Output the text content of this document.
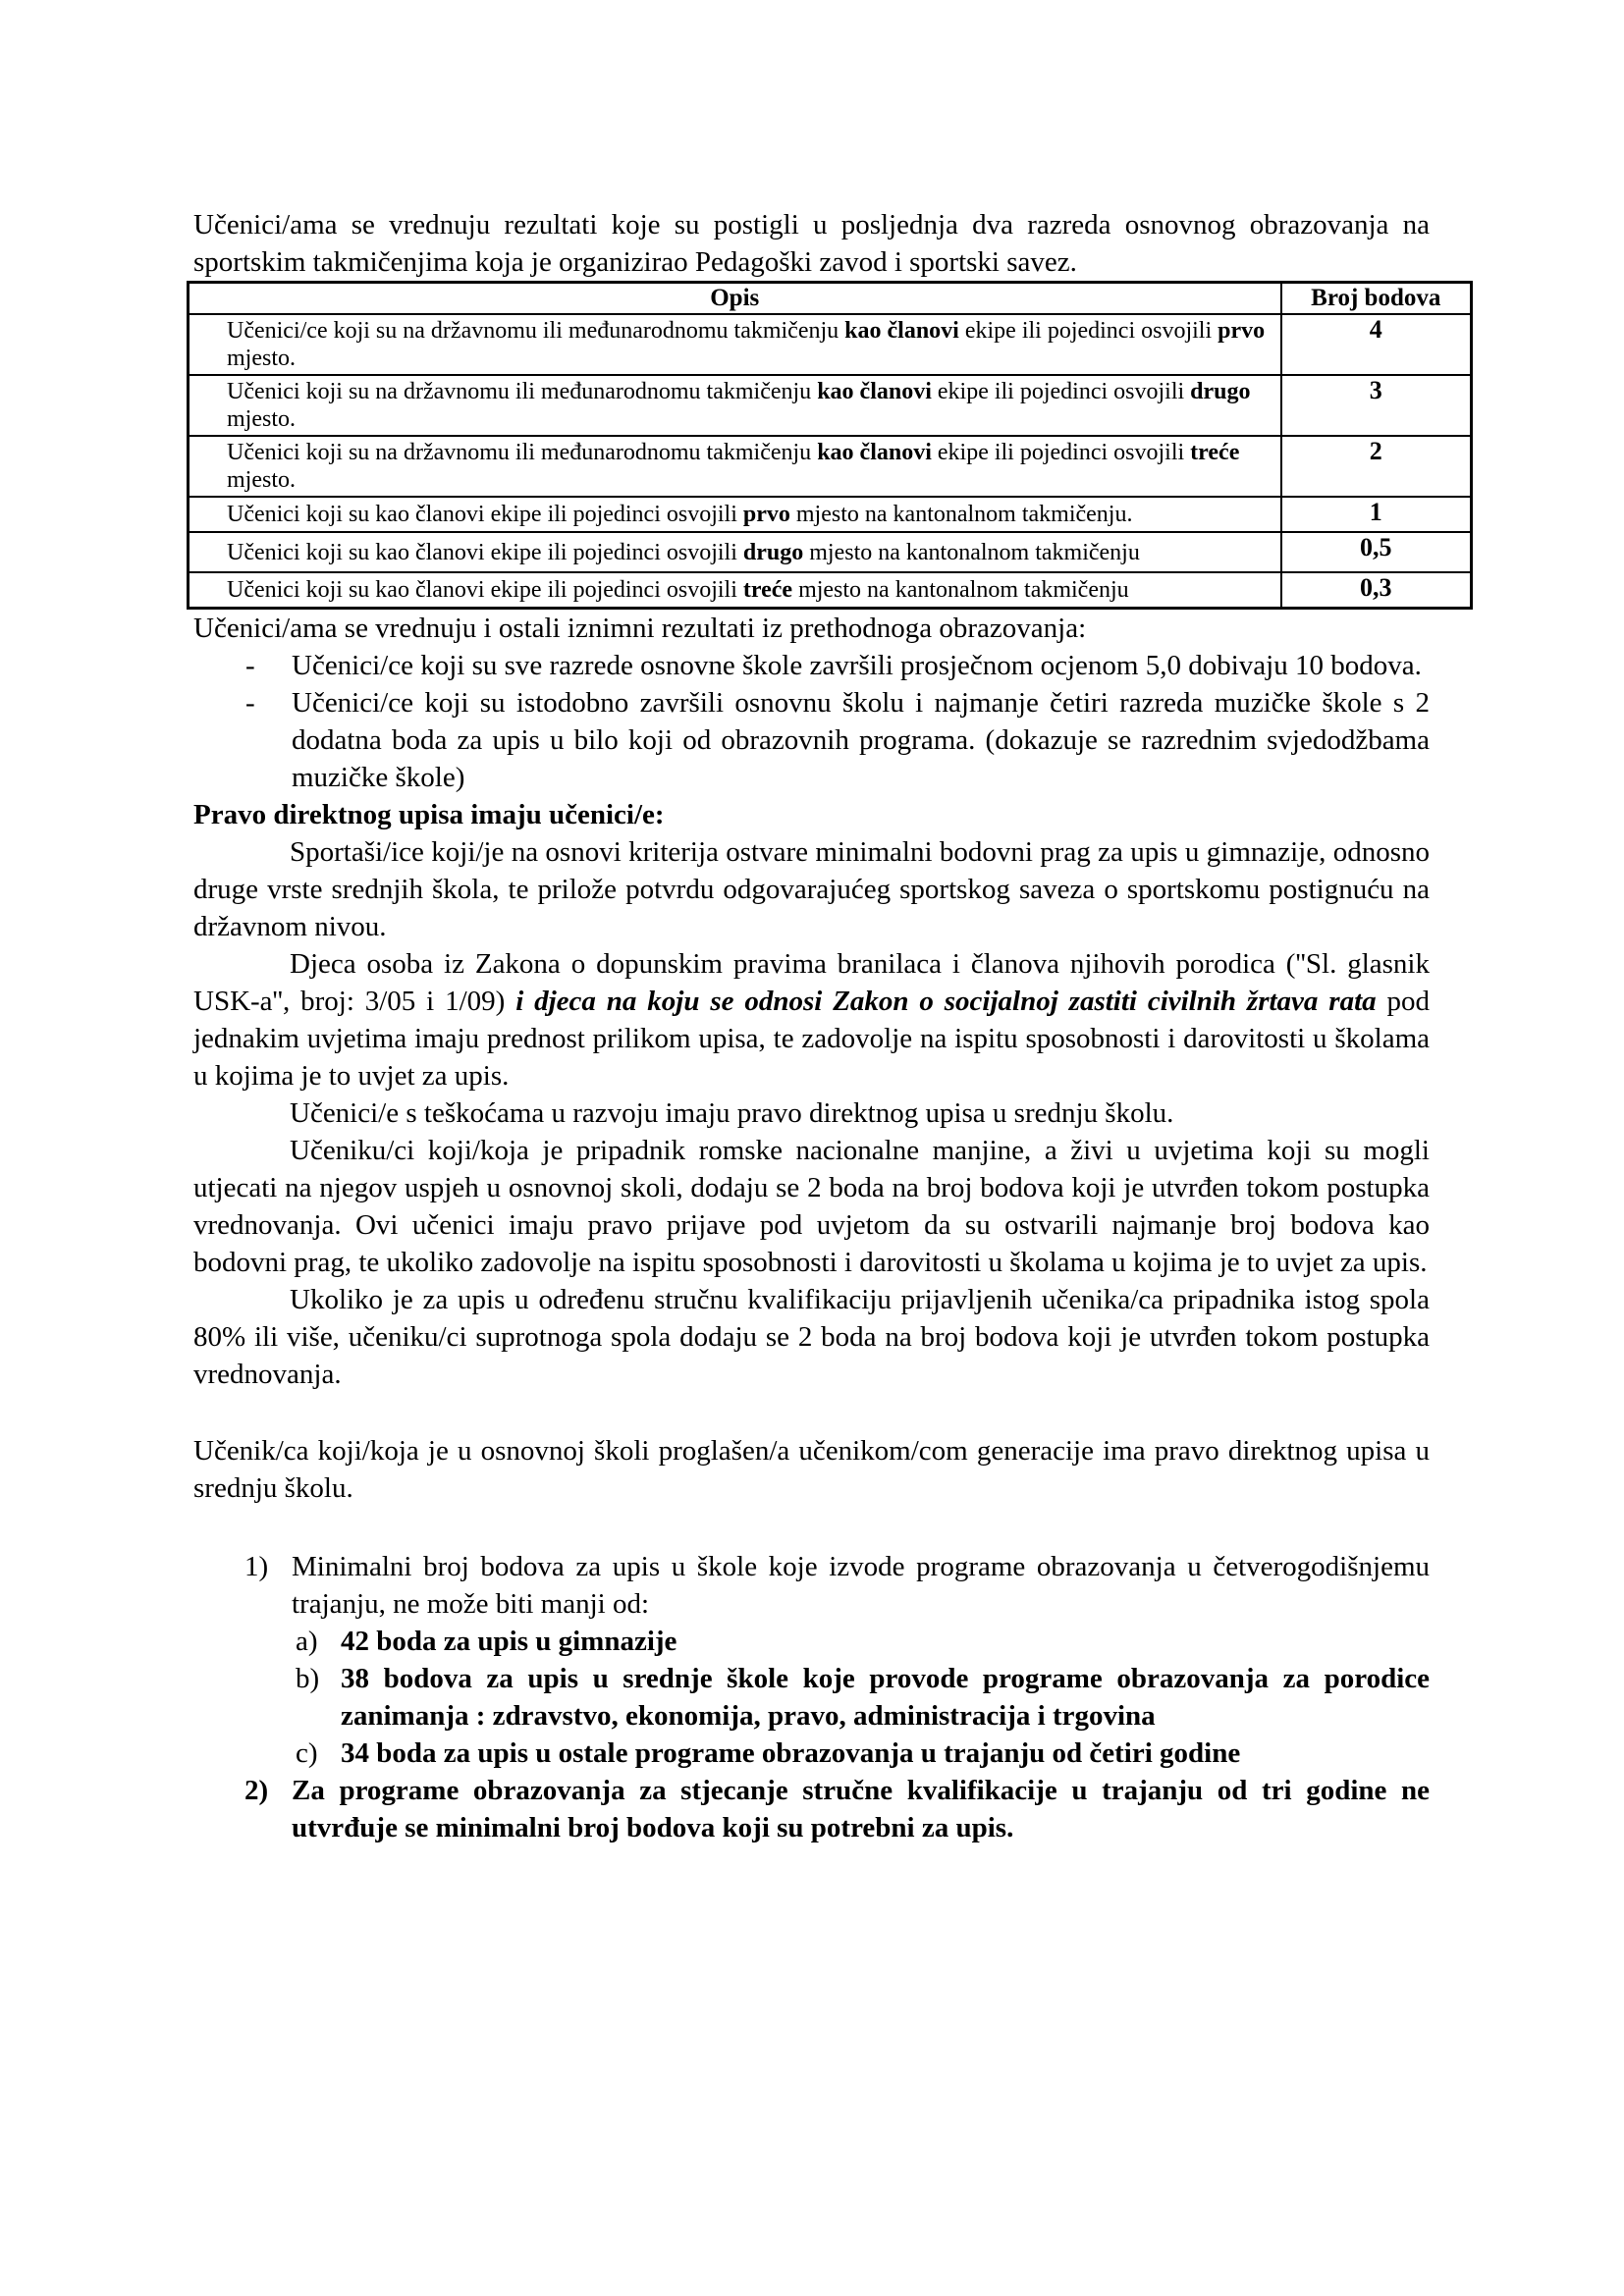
Učenici/ama se vrednuju rezultati koje su postigli u posljednja dva razreda osnovnog obrazovanja na sportskim takmičenjima koja je organizirao Pedagoški zavod i sportski savez.

Opis	Broj bodova
Učenici/ce koji su na državnomu ili međunarodnomu takmičenju kao članovi ekipe ili pojedinci osvojili prvo mjesto.	4
Učenici koji su na državnomu ili međunarodnomu takmičenju kao članovi ekipe ili pojedinci osvojili drugo mjesto.	3
Učenici koji su na državnomu ili međunarodnomu takmičenju kao članovi ekipe ili pojedinci osvojili treće mjesto.	2
Učenici koji su kao članovi ekipe ili pojedinci osvojili prvo mjesto na kantonalnom takmičenju.	1
Učenici koji su kao članovi ekipe ili pojedinci osvojili drugo mjesto na kantonalnom takmičenju	0,5
Učenici koji su kao članovi ekipe ili pojedinci osvojili treće mjesto na kantonalnom takmičenju	0,3

Učenici/ama se vrednuju i ostali iznimni rezultati iz prethodnoga obrazovanja:

- Učenici/ce koji su sve razrede osnovne škole završili prosječnom ocjenom 5,0 dobivaju 10 bodova.

- Učenici/ce koji su istodobno završili osnovnu školu i najmanje četiri razreda muzičke škole s 2 dodatna boda za upis u bilo koji od obrazovnih programa. (dokazuje se razrednim svjedodžbama muzičke škole)

Pravo direktnog upisa imaju učenici/e:

Sportaši/ice koji/je na osnovi kriterija ostvare minimalni bodovni prag za upis u gimnazije, odnosno druge vrste srednjih škola, te prilože potvrdu odgovarajućeg sportskog saveza o sportskomu postignuću na državnom nivou.

Djeca osoba iz Zakona o dopunskim pravima branilaca i članova njihovih porodica (''Sl. glasnik USK-a'', broj: 3/05 i 1/09) i djeca na koju se odnosi Zakon o socijalnoj zastiti civilnih žrtava rata pod jednakim uvjetima imaju prednost prilikom upisa, te zadovolje na ispitu sposobnosti i darovitosti u školama u kojima je to uvjet za upis.

Učenici/e s teškoćama u razvoju imaju pravo direktnog upisa u srednju školu.

Učeniku/ci koji/koja je pripadnik romske nacionalne manjine, a živi u uvjetima koji su mogli utjecati na njegov uspjeh u osnovnoj skoli, dodaju se 2 boda na broj bodova koji je utvrđen tokom postupka vrednovanja. Ovi učenici imaju pravo prijave pod uvjetom da su ostvarili najmanje broj bodova kao bodovni prag, te ukoliko zadovolje na ispitu sposobnosti i darovitosti u školama u kojima je to uvjet za upis.

Ukoliko je za upis u određenu stručnu kvalifikaciju prijavljenih učenika/ca pripadnika istog spola 80% ili više, učeniku/ci suprotnoga spola dodaju se 2 boda na broj bodova koji je utvrđen tokom postupka vrednovanja.

Učenik/ca koji/koja je u osnovnoj školi proglašen/a učenikom/com generacije ima pravo direktnog upisa u srednju školu.

1) Minimalni broj bodova za upis u škole koje izvode programe obrazovanja u četverogodišnjemu trajanju, ne može biti manji od:

a) 42 boda za upis u gimnazije

b) 38 bodova za upis u srednje škole koje provode programe obrazovanja za porodice zanimanja : zdravstvo, ekonomija, pravo, administracija i trgovina

c) 34 boda za upis u ostale programe obrazovanja u trajanju od četiri godine

2) Za programe obrazovanja za stjecanje stručne kvalifikacije u trajanju od tri godine ne utvrđuje se minimalni broj bodova koji su potrebni za upis.
